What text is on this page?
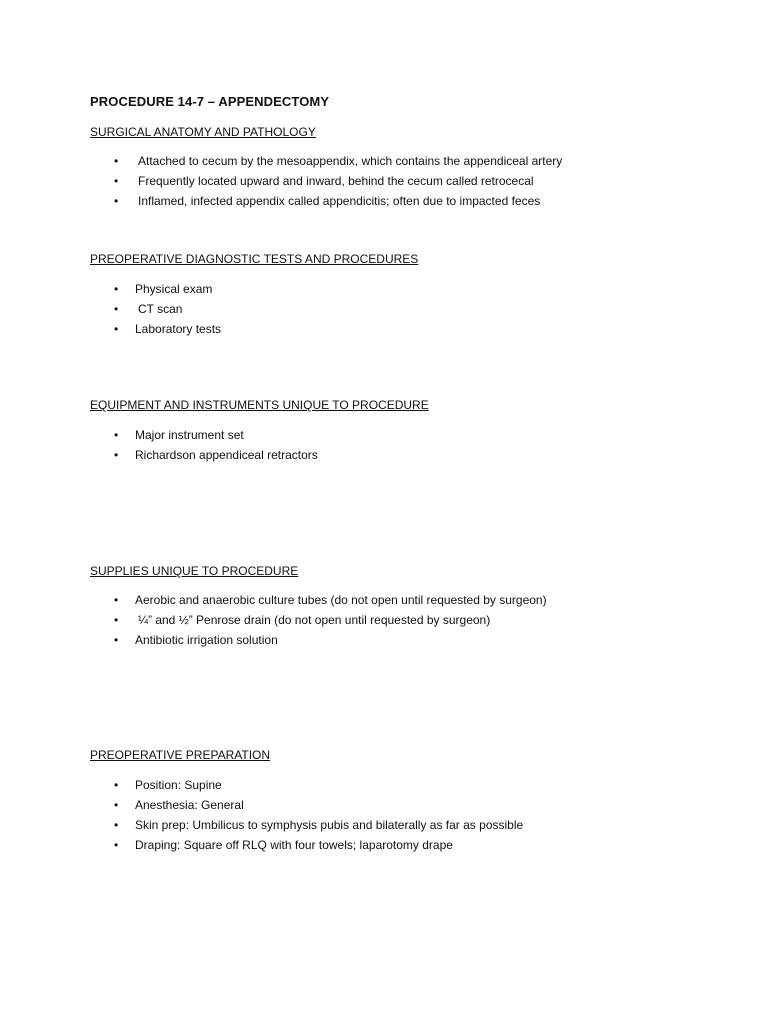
PROCEDURE 14-7 – APPENDECTOMY
SURGICAL ANATOMY AND PATHOLOGY
• Attached to cecum by the mesoappendix, which contains the appendiceal artery
• Frequently located upward and inward, behind the cecum called retrocecal
• Inflamed, infected appendix called appendicitis; often due to impacted feces
PREOPERATIVE DIAGNOSTIC TESTS AND PROCEDURES
• Physical exam
• CT scan
• Laboratory tests
EQUIPMENT AND INSTRUMENTS UNIQUE TO PROCEDURE
• Major instrument set
• Richardson appendiceal retractors
SUPPLIES UNIQUE TO PROCEDURE
• Aerobic and anaerobic culture tubes (do not open until requested by surgeon)
• ¼” and ½” Penrose drain (do not open until requested by surgeon)
• Antibiotic irrigation solution
PREOPERATIVE PREPARATION
• Position: Supine
• Anesthesia: General
• Skin prep: Umbilicus to symphysis pubis and bilaterally as far as possible
• Draping: Square off RLQ with four towels; laparotomy drape
